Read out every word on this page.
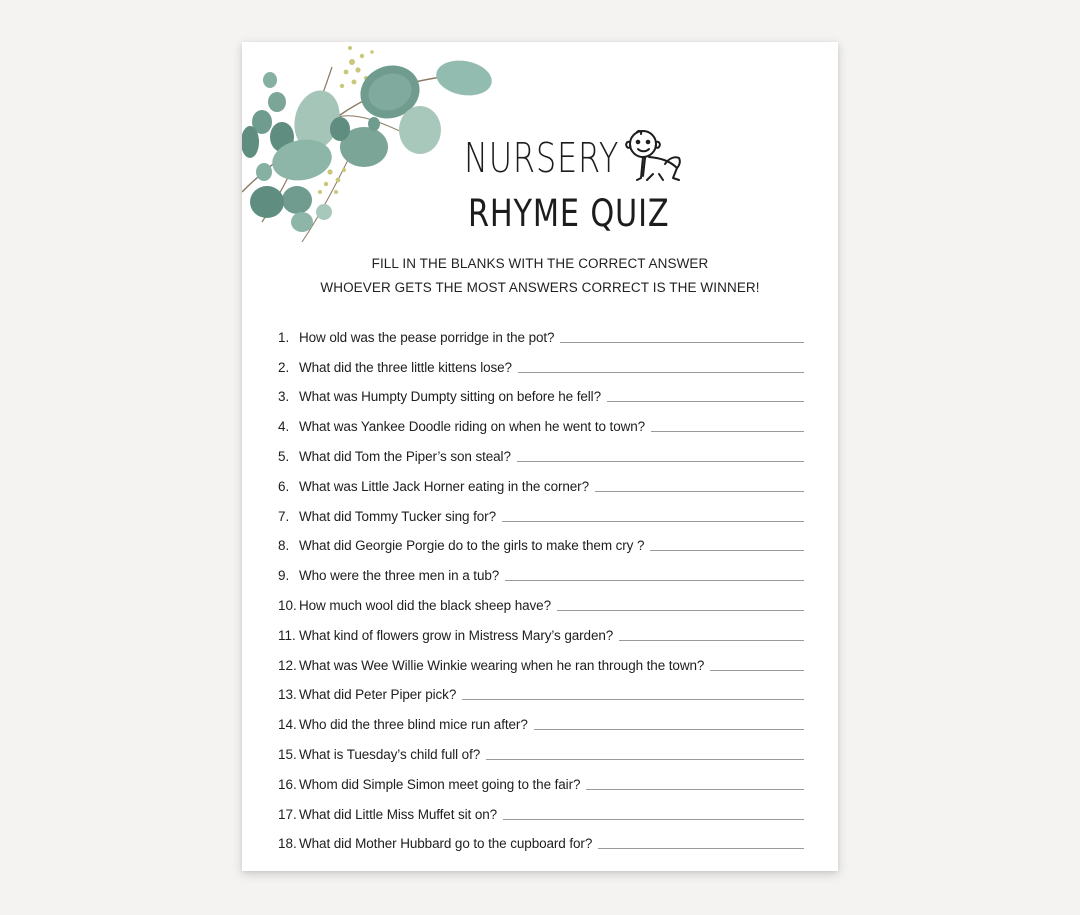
NURSERY
RHYME QUIZ
FILL IN THE BLANKS WITH THE CORRECT ANSWER
WHOEVER GETS THE MOST ANSWERS CORRECT IS THE WINNER!
1. How old was the pease porridge in the pot?
2. What did the three little kittens lose?
3. What was Humpty Dumpty sitting on before he fell?
4. What was Yankee Doodle riding on when he went to town?
5. What did Tom the Piper’s son steal?
6. What was Little Jack Horner eating in the corner?
7. What did Tommy Tucker sing for?
8. What did Georgie Porgie do to the girls to make them cry ?
9. Who were the three men in a tub?
10. How much wool did the black sheep have?
11. What kind of flowers grow in Mistress Mary’s garden?
12. What was Wee Willie Winkie wearing when he ran through the town?
13. What did Peter Piper pick?
14. Who did the three blind mice run after?
15. What is Tuesday’s child full of?
16. Whom did Simple Simon meet going to the fair?
17. What did Little Miss Muffet sit on?
18. What did Mother Hubbard go to the cupboard for?
